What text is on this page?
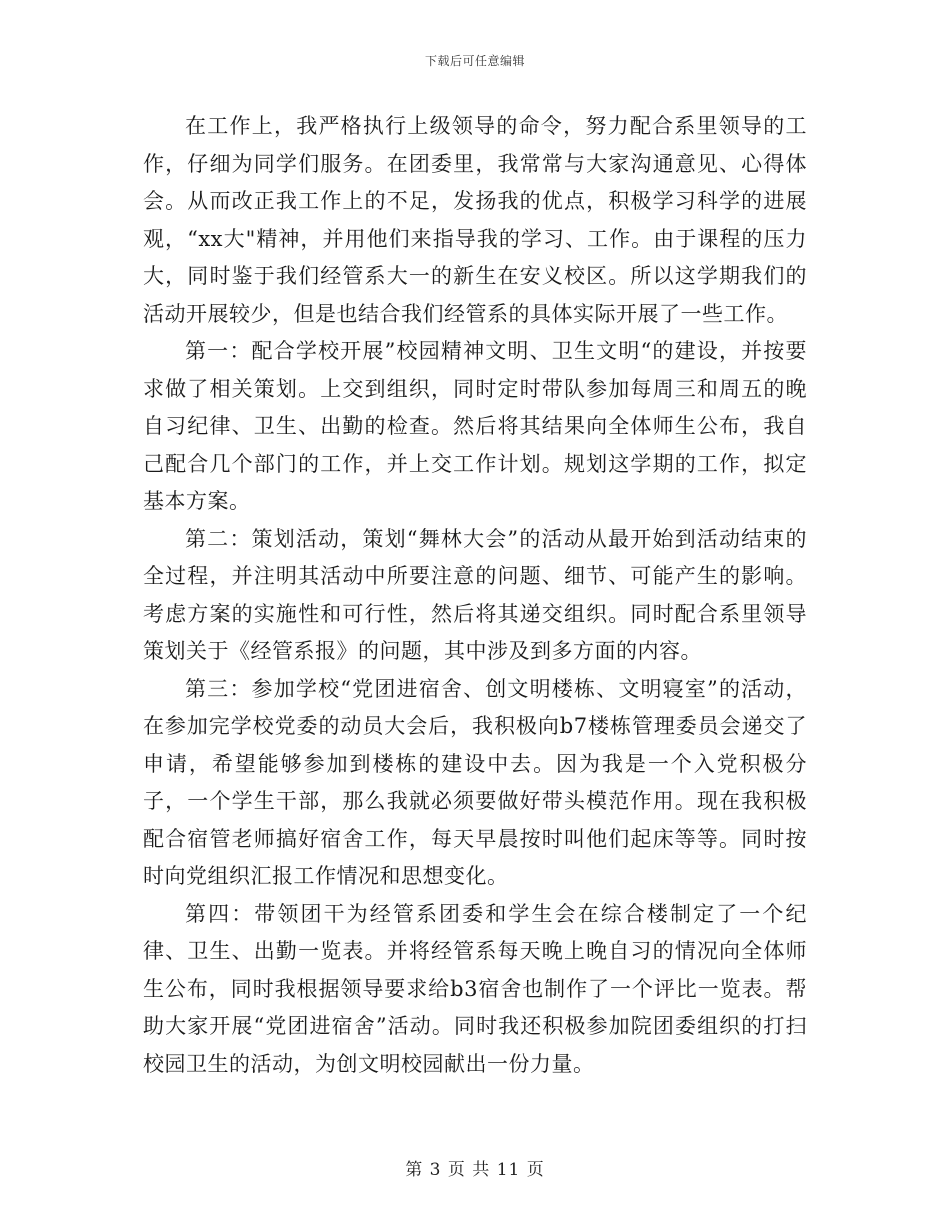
下载后可任意编辑

在工作上，我严格执行上级领导的命令，努力配合系里领导的工作，仔细为同学们服务。在团委里，我常常与大家沟通意见、心得体会。从而改正我工作上的不足，发扬我的优点，积极学习科学的进展观，“xx大"精神，并用他们来指导我的学习、工作。由于课程的压力大，同时鉴于我们经管系大一的新生在安义校区。所以这学期我们的活动开展较少，但是也结合我们经管系的具体实际开展了一些工作。

第一：配合学校开展”校园精神文明、卫生文明“的建设，并按要求做了相关策划。上交到组织，同时定时带队参加每周三和周五的晚自习纪律、卫生、出勤的检查。然后将其结果向全体师生公布，我自己配合几个部门的工作，并上交工作计划。规划这学期的工作，拟定基本方案。

第二：策划活动，策划“舞林大会”的活动从最开始到活动结束的全过程，并注明其活动中所要注意的问题、细节、可能产生的影响。考虑方案的实施性和可行性，然后将其递交组织。同时配合系里领导策划关于《经管系报》的问题，其中涉及到多方面的内容。

第三：参加学校“党团进宿舍、创文明楼栋、文明寝室”的活动，在参加完学校党委的动员大会后，我积极向b7楼栋管理委员会递交了申请，希望能够参加到楼栋的建设中去。因为我是一个入党积极分子，一个学生干部，那么我就必须要做好带头模范作用。现在我积极配合宿管老师搞好宿舍工作，每天早晨按时叫他们起床等等。同时按时向党组织汇报工作情况和思想变化。

第四：带领团干为经管系团委和学生会在综合楼制定了一个纪律、卫生、出勤一览表。并将经管系每天晚上晚自习的情况向全体师生公布，同时我根据领导要求给b3宿舍也制作了一个评比一览表。帮助大家开展“党团进宿舍”活动。同时我还积极参加院团委组织的打扫校园卫生的活动，为创文明校园献出一份力量。

第 3 页 共 11 页
